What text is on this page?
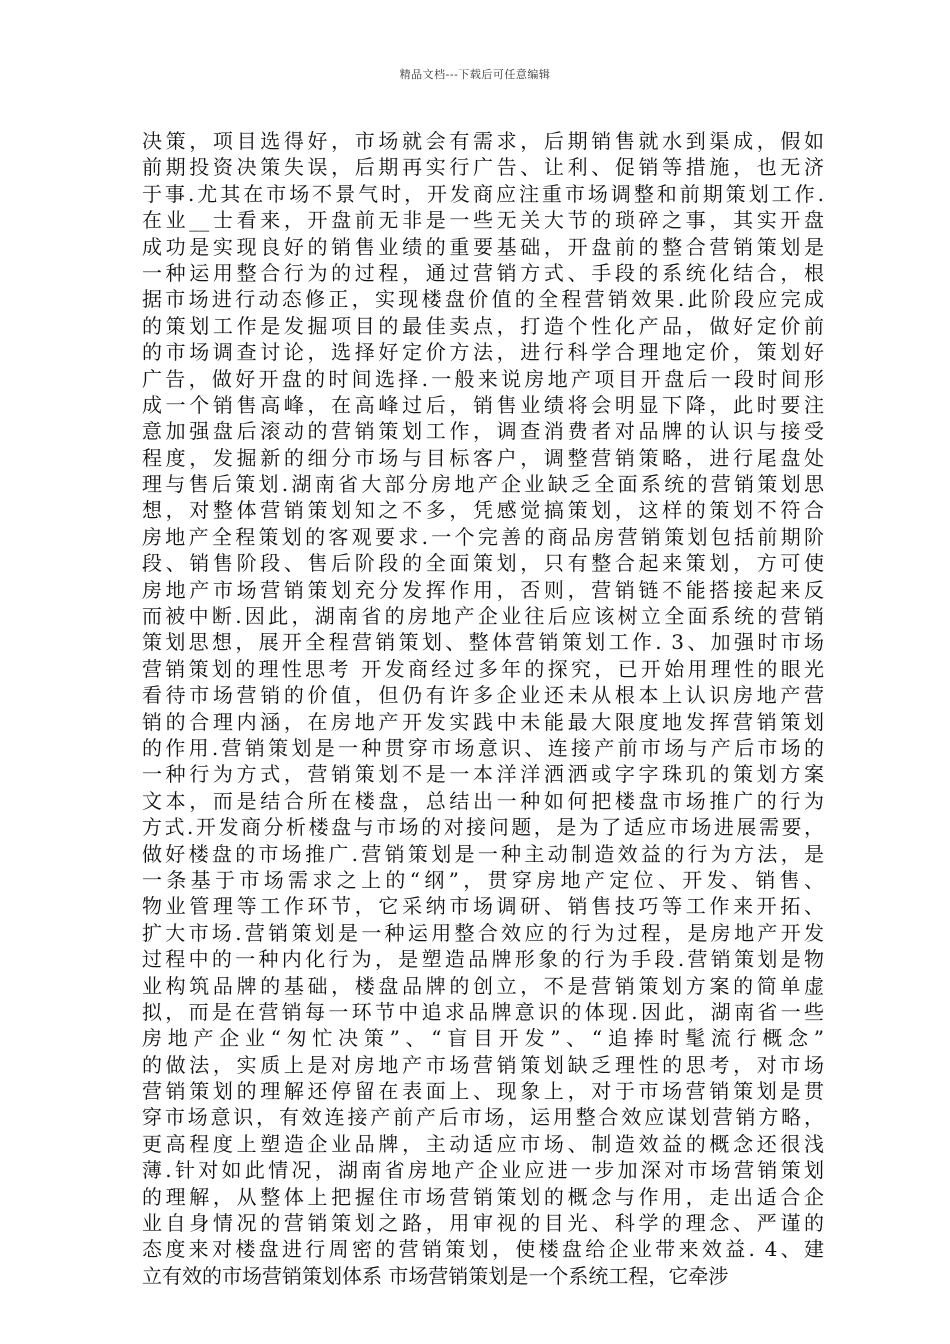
精品文档---下载后可任意编辑
决策，项目选得好，市场就会有需求，后期销售就水到渠成，假如
前期投资决策失误，后期再实行广告、让利、促销等措施，也无济
于事.尤其在市场不景气时，开发商应注重市场调整和前期策划工作.
在业__士看来，开盘前无非是一些无关大节的琐碎之事，其实开盘
成功是实现良好的销售业绩的重要基础，开盘前的整合营销策划是
一种运用整合行为的过程，通过营销方式、手段的系统化结合，根
据市场进行动态修正，实现楼盘价值的全程营销效果.此阶段应完成
的策划工作是发掘项目的最佳卖点，打造个性化产品，做好定价前
的市场调查讨论，选择好定价方法，进行科学合理地定价，策划好
广告，做好开盘的时间选择.一般来说房地产项目开盘后一段时间形
成一个销售高峰，在高峰过后，销售业绩将会明显下降，此时要注
意加强盘后滚动的营销策划工作，调查消费者对品牌的认识与接受
程度，发掘新的细分市场与目标客户，调整营销策略，进行尾盘处
理与售后策划.湖南省大部分房地产企业缺乏全面系统的营销策划思
想，对整体营销策划知之不多，凭感觉搞策划，这样的策划不符合
房地产全程策划的客观要求.一个完善的商品房营销策划包括前期阶
段、销售阶段、售后阶段的全面策划，只有整合起来策划，方可使
房地产市场营销策划充分发挥作用，否则，营销链不能搭接起来反
而被中断.因此，湖南省的房地产企业往后应该树立全面系统的营销
策划思想，展开全程营销策划、整体营销策划工作. 3、加强时市场
营销策划的理性思考 开发商经过多年的探究，已开始用理性的眼光
看待市场营销的价值，但仍有许多企业还未从根本上认识房地产营
销的合理内涵，在房地产开发实践中未能最大限度地发挥营销策划
的作用.营销策划是一种贯穿市场意识、连接产前市场与产后市场的
一种行为方式，营销策划不是一本洋洋洒洒或字字珠玑的策划方案
文本，而是结合所在楼盘，总结出一种如何把楼盘市场推广的行为
方式.开发商分析楼盘与市场的对接问题，是为了适应市场进展需要，
做好楼盘的市场推广.营销策划是一种主动制造效益的行为方法，是
一条基于市场需求之上的“纲”，贯穿房地产定位、开发、销售、
物业管理等工作环节，它采纳市场调研、销售技巧等工作来开拓、
扩大市场.营销策划是一种运用整合效应的行为过程，是房地产开发
过程中的一种内化行为，是塑造品牌形象的行为手段.营销策划是物
业构筑品牌的基础，楼盘品牌的创立，不是营销策划方案的简单虚
拟，而是在营销每一环节中追求品牌意识的体现.因此，湖南省一些
房地产企业“匆忙决策”、“盲目开发”、“追捧时髦流行概念”
的做法，实质上是对房地产市场营销策划缺乏理性的思考，对市场
营销策划的理解还停留在表面上、现象上，对于市场营销策划是贯
穿市场意识，有效连接产前产后市场，运用整合效应谋划营销方略，
更高程度上塑造企业品牌，主动适应市场、制造效益的概念还很浅
薄.针对如此情况，湖南省房地产企业应进一步加深对市场营销策划
的理解，从整体上把握住市场营销策划的概念与作用，走出适合企
业自身情况的营销策划之路，用审视的目光、科学的理念、严谨的
态度来对楼盘进行周密的营销策划，使楼盘给企业带来效益. 4、建
立有效的市场营销策划体系 市场营销策划是一个系统工程，它牵涉
